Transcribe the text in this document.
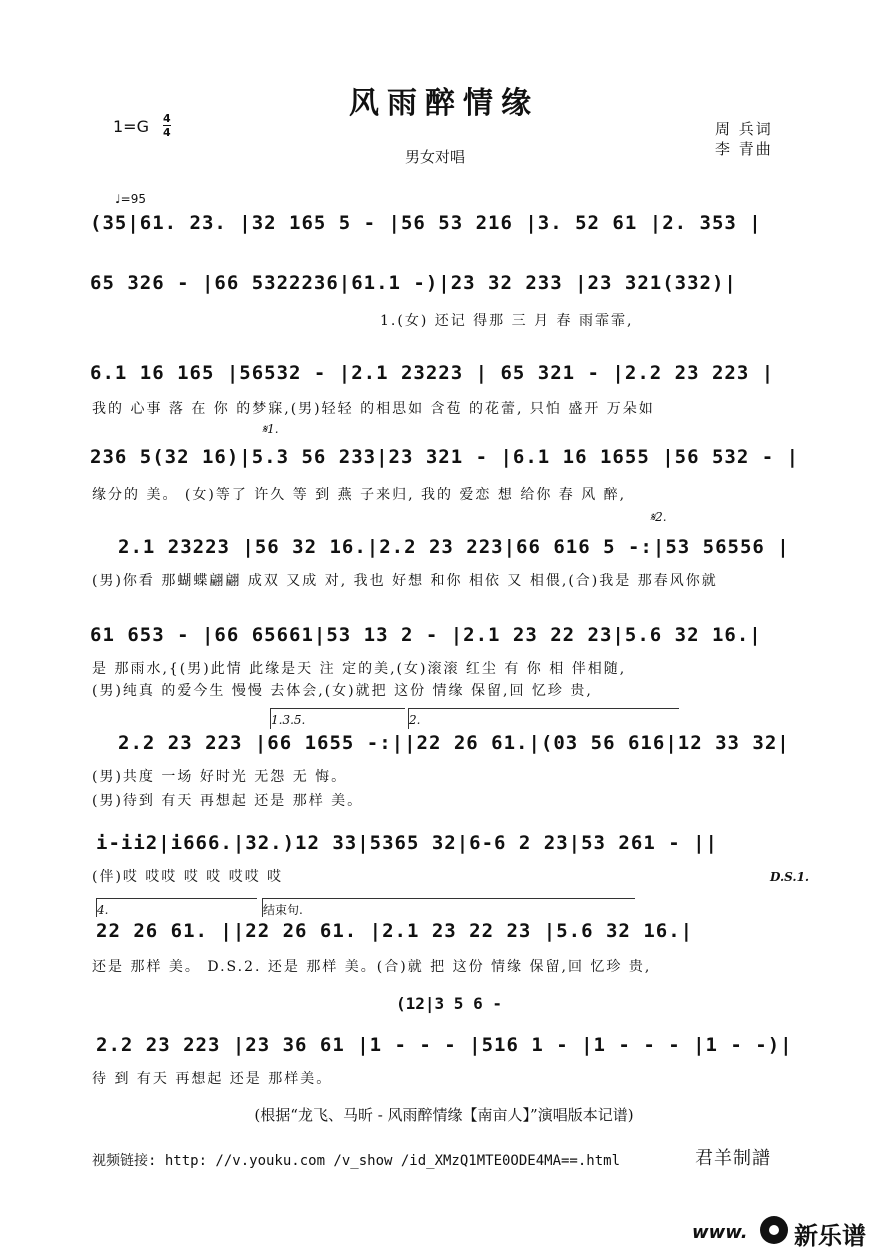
风雨醉情缘
1=G 4
4
男女对唱
周 兵词
李 青曲
♩=95
(35|61. 23. |32 165 5 - |56 53 216 |3. 52 61 |2. 353 |
65 326 - |66 5322236|61.1 -)|23 32 233 |23 321(332)|
1.(女) 还记 得那 三 月 春 雨霏霏,
6.1 16 165 |56532 - |2.1 23223 | 65 321 - |2.2 23 223 |
我的 心事 落 在 你 的梦寐,(男)轻轻 的相思如 含苞 的花蕾, 只怕 盛开 万朵如
𝄋1.
236 5(32 16)|5.3 56 233|23 321 - |6.1 16 1655 |56 532 - |
缘分的 美。 (女)等了 许久 等 到 燕 子来归, 我的 爱恋 想 给你 春 风 醉,
𝄋2.
2.1 23223 |56 32 16.|2.2 23 223|66 616 5 -:|53 56556 |
(男)你看 那蝴蝶翩翩 成双 又成 对, 我也 好想 和你 相依 又 相偎,(合)我是 那春风你就
61 653 - |66 65661|53 13 2 - |2.1 23 22 23|5.6 32 16.|
是 那雨水,{(男)此情 此缘是天 注 定的美,(女)滚滚 红尘 有 你 相 伴相随,
(男)纯真 的爱今生 慢慢 去体会,(女)就把 这份 情缘 保留,回 忆珍 贵,
1.3.5.	2.
2.2 23 223 |66 1655 -:||22 26 61.|(03 56 616|12 33 32|
(男)共度 一场 好时光 无怨 无 悔。
(男)待到 有天 再想起 还是 那样 美。
i-ii2|i666.|32.)12 33|5365 32|6-6 2 23|53 261 - ||
(伴)哎 哎哎 哎 哎 哎哎 哎	D.S.1.
4.	结束句.
22 26 61. ||22 26 61. |2.1 23 22 23 |5.6 32 16.|
还是 那样 美。 D.S.2. 还是 那样 美。(合)就 把 这份 情缘 保留,回 忆珍 贵,
(12|3 5 6 -
2.2 23 223 |23 36 61 |1 - - - |516 1 - |1 - - - |1 - -)|
待 到 有天 再想起 还是 那样美。
(根据“龙飞、马昕 - 风雨醉情缘【南亩人】”演唱版本记谱)
视频链接: http: //v.youku.com /v_show /id_XMzQ1MTE0ODE4MA==.html	君羊制譜
www. 新乐谱
